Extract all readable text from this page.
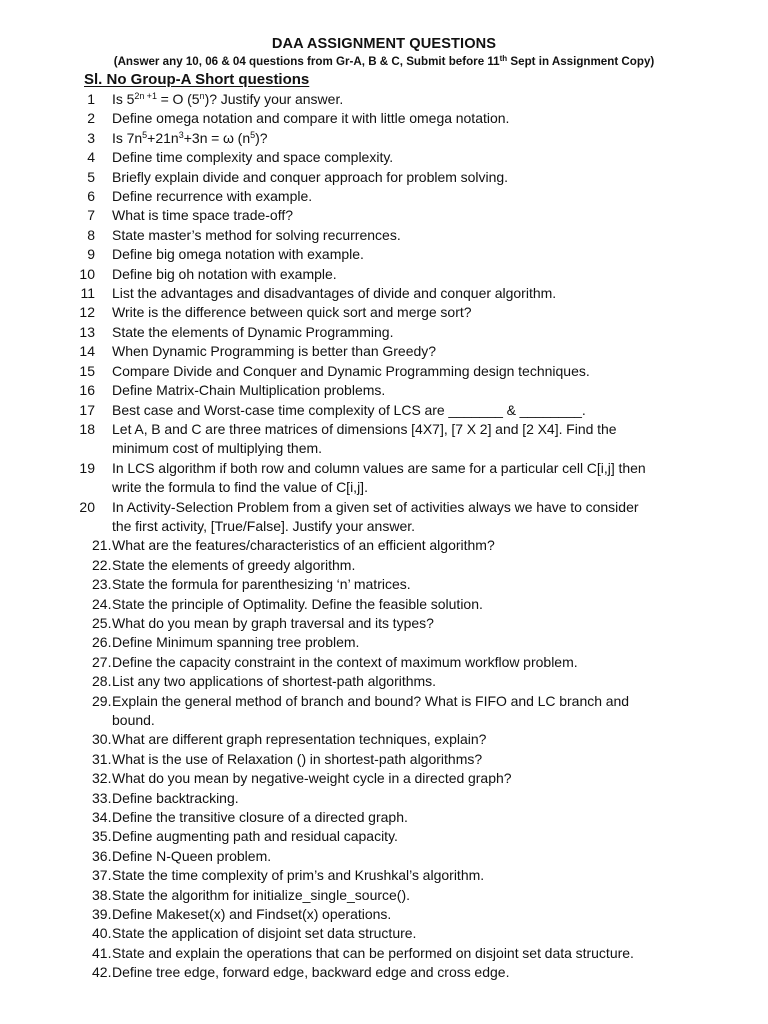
DAA ASSIGNMENT QUESTIONS
(Answer any 10, 06 & 04 questions from Gr-A, B & C, Submit before 11th Sept in Assignment Copy)
Sl. No Group-A Short questions
1	Is $5^{2n +1} = O$ (5$^n$)? Justify your answer.
2	Define omega notation and compare it with little omega notation.
3	Is $7n^5+21n^3+3n = \omega$ $(n^5)$?
4	Define time complexity and space complexity.
5	Briefly explain divide and conquer approach for problem solving.
6	Define recurrence with example.
7	What is time space trade-off?
8	State master’s method for solving recurrences.
9	Define big omega notation with example.
10	Define big oh notation with example.
11	List the advantages and disadvantages of divide and conquer algorithm.
12	Write is the difference between quick sort and merge sort?
13	State the elements of Dynamic Programming.
14	When Dynamic Programming is better than Greedy?
15	Compare Divide and Conquer and Dynamic Programming design techniques.
16	Define Matrix-Chain Multiplication problems.
17	Best case and Worst-case time complexity of LCS are _______ & ________.
18	Let A, B and C are three matrices of dimensions [4X7], [7 X 2] and [2 X4]. Find the
minimum cost of multiplying them.
19	In LCS algorithm if both row and column values are same for a particular cell C[i,j] then
write the formula to find the value of C[i,j].
20	In Activity-Selection Problem from a given set of activities always we have to consider
the first activity, [True/False]. Justify your answer.
21. What are the features/characteristics of an efficient algorithm?
22. State the elements of greedy algorithm.
23. State the formula for parenthesizing ‘n’ matrices.
24. State the principle of Optimality. Define the feasible solution.
25. What do you mean by graph traversal and its types?
26. Define Minimum spanning tree problem.
27. Define the capacity constraint in the context of maximum workflow problem.
28. List any two applications of shortest-path algorithms.
29. Explain the general method of branch and bound? What is FIFO and LC branch and
bound.
30. What are different graph representation techniques, explain?
31. What is the use of Relaxation () in shortest-path algorithms?
32. What do you mean by negative-weight cycle in a directed graph?
33. Define backtracking.
34. Define the transitive closure of a directed graph.
35. Define augmenting path and residual capacity.
36. Define N-Queen problem.
37. State the time complexity of prim’s and Krushkal’s algorithm.
38. State the algorithm for initialize_single_source().
39. Define Makeset(x) and Findset(x) operations.
40. State the application of disjoint set data structure.
41. State and explain the operations that can be performed on disjoint set data structure.
42. Define tree edge, forward edge, backward edge and cross edge.
